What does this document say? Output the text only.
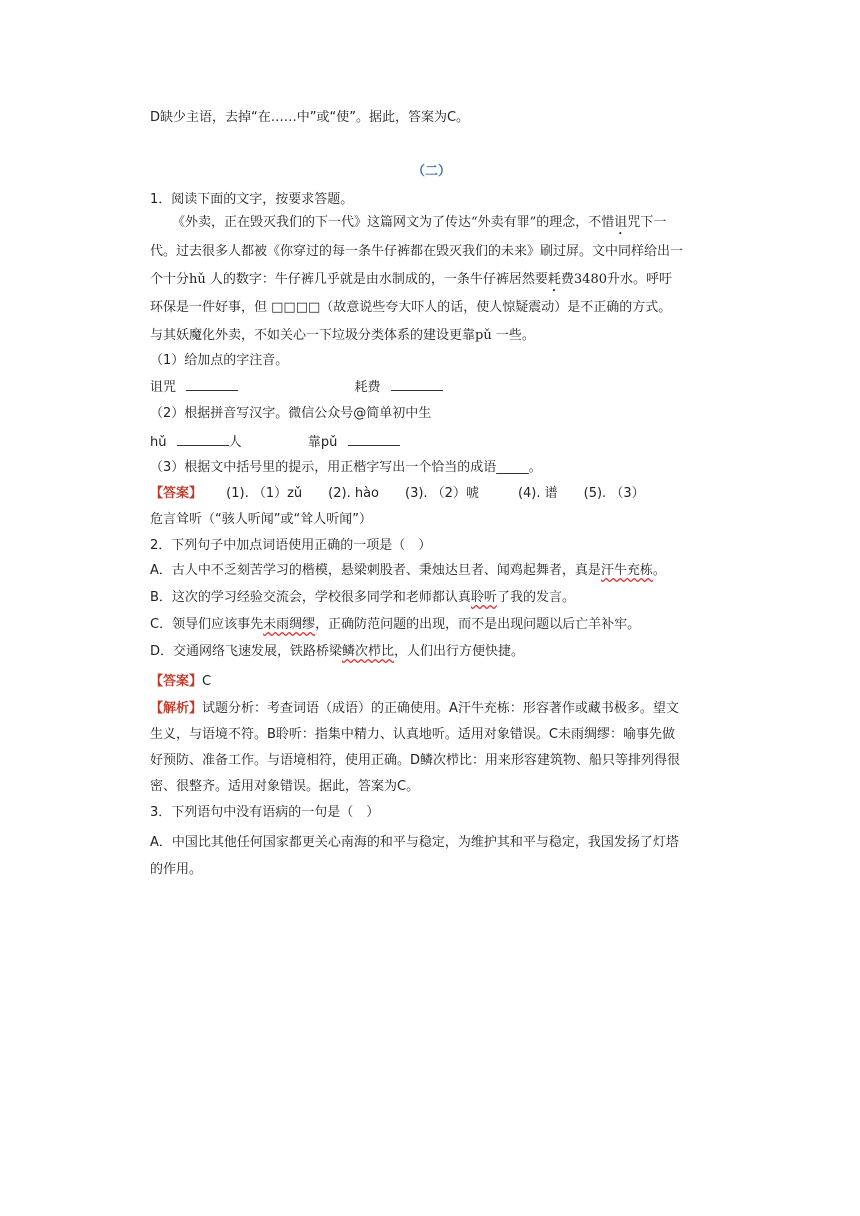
D缺少主语，去掉“在……中”或“使”。据此，答案为C。
（二）
1．阅读下面的文字，按要求答题。
《外卖，正在毁灭我们的下一代》这篇网文为了传达“外卖有罪”的理念，不惜诅咒下一
代。过去很多人都被《你穿过的每一条牛仔裤都在毁灭我们的未来》刷过屏。文中同样给出一
个十分hǔ 人的数字：牛仔裤几乎就是由水制成的，一条牛仔裤居然要耗费3480升水。呼吁
环保是一件好事，但 □□□□（故意说些夸大吓人的话，使人惊疑震动）是不正确的方式。
与其妖魔化外卖，不如关心一下垃圾分类体系的建设更靠pǔ 一些。
（1）给加点的字注音。
诅咒	耗费
（2）根据拼音写汉字。微信公众号@简单初中生
hǔ	人	靠pǔ
（3）根据文中括号里的提示，用正楷字写出一个恰当的成语_____。
【答案】 (1). （1）zǔ　　(2). hào　　(3). （2）唬　　　(4). 谱　　(5). （3）
危言耸听（“骇人听闻”或“耸人听闻”）
2．下列句子中加点词语使用正确的一项是（　）
A．古人中不乏刻苦学习的楷模，悬梁刺股者、秉烛达旦者、闻鸡起舞者，真是汗牛充栋。
B．这次的学习经验交流会，学校很多同学和老师都认真聆听了我的发言。
C．领导们应该事先未雨绸缪，正确防范问题的出现，而不是出现问题以后亡羊补牢。
D．交通网络飞速发展，铁路桥梁鳞次栉比，人们出行方便快捷。
【答案】C
【解析】试题分析：考查词语（成语）的正确使用。A汗牛充栋：形容著作或藏书极多。望文
生义，与语境不符。B聆听：指集中精力、认真地听。适用对象错误。C未雨绸缪：喻事先做
好预防、准备工作。与语境相符，使用正确。D鳞次栉比：用来形容建筑物、船只等排列得很
密、很整齐。适用对象错误。据此，答案为C。
3．下列语句中没有语病的一句是（　）
A．中国比其他任何国家都更关心南海的和平与稳定，为维护其和平与稳定，我国发扬了灯塔
的作用。
